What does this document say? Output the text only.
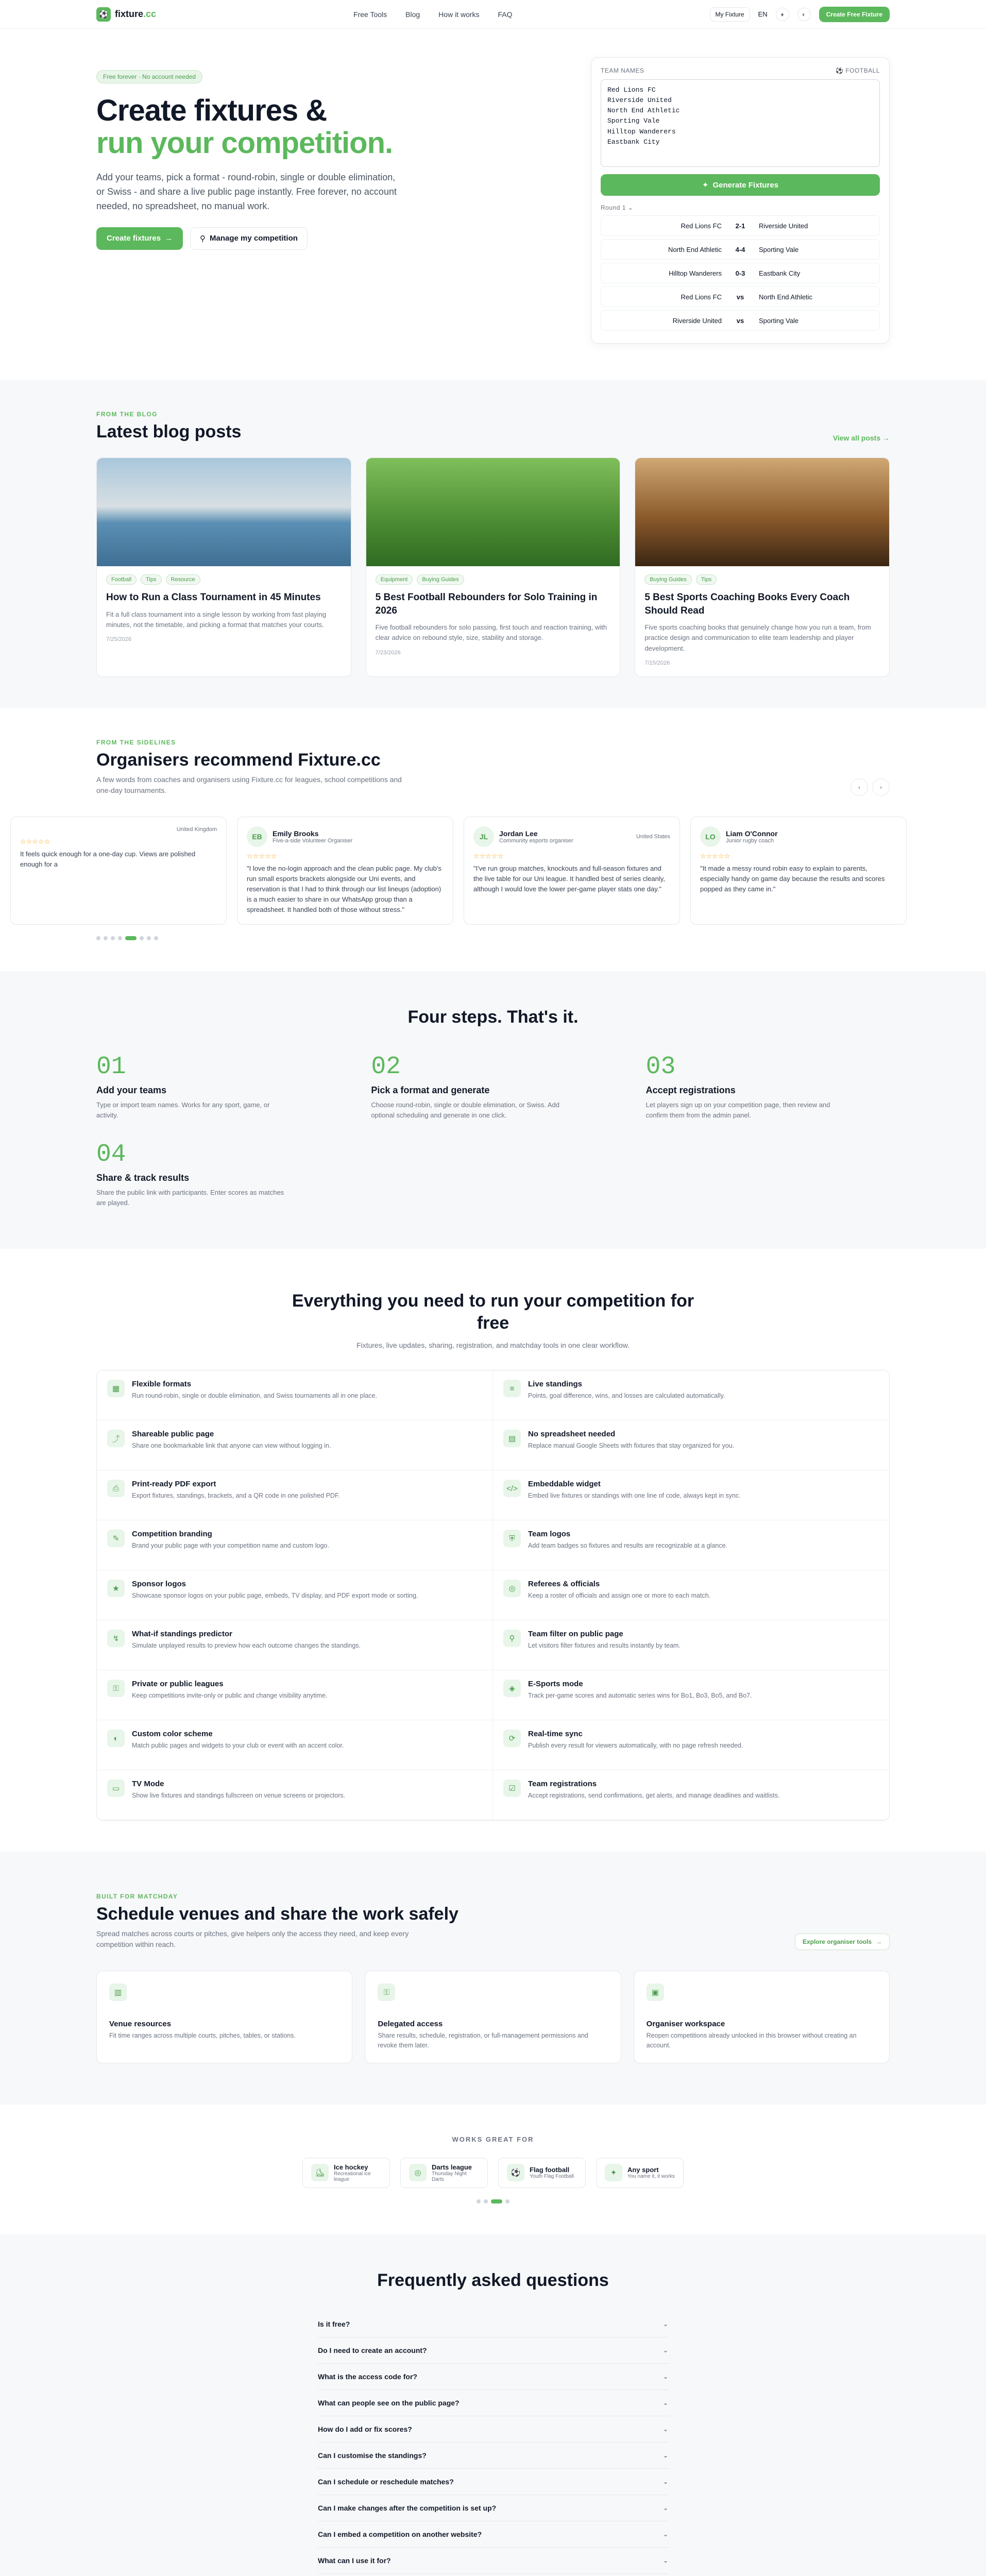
⚽ fixture.cc	Free Tools	Blog	How it works	FAQ	My Fixture	EN	♦	◐	Create Free Fixture
Free forever · No account needed
Create fixtures &
run your competition.

Add your teams, pick a format - round-robin, single or double elimination, or Swiss - and share a live public page instantly. Free forever, no account needed, no spreadsheet, no manual work.

Create fixtures →	⚲ Manage my competition
TEAM NAMES	⚽ FOOTBALL
Red Lions FC
Riverside United
North End Athletic
Sporting Vale
Hilltop Wanderers
Eastbank City
✦ Generate Fixtures
Round 1 ⌄
Red Lions FC	2-1	Riverside United
North End Athletic	4-4	Sporting Vale
Hilltop Wanderers	0-3	Eastbank City
Red Lions FC	vs	North End Athletic
Riverside United	vs	Sporting Vale
FROM THE BLOG
Latest blog posts	View all posts →
Football	Tips	Resource
How to Run a Class Tournament in 45 Minutes
Fit a full class tournament into a single lesson by working from fast playing minutes, not the timetable, and picking a format that matches your courts.
7/25/2026
Equipment	Buying Guides
5 Best Football Rebounders for Solo Training in 2026
Five football rebounders for solo passing, first touch and reaction training, with clear advice on rebound style, size, stability and storage.
7/23/2026
Buying Guides	Tips
5 Best Sports Coaching Books Every Coach Should Read
Five sports coaching books that genuinely change how you run a team, from practice design and communication to elite team leadership and player development.
7/15/2026
FROM THE SIDELINES
Organisers recommend Fixture.cc

A few words from coaches and organisers using Fixture.cc for leagues, school competitions and one-day tournaments.	‹	›
United Kingdom
☆☆☆☆☆
It feels quick enough for a one-day cup. Views are polished enough for a
EB	Emily Brooks
Five-a-side Volunteer Organiser
☆☆☆☆☆
"I love the no-login approach and the clean public page. My club's run small esports brackets alongside our Uni events, and reservation is that I had to think through our list lineups (adoption) is a much easier to share in our WhatsApp group than a spreadsheet. It handled both of those without stress."
JL	Jordan Lee
Community esports organiser
United States
☆☆☆☆☆
"I've run group matches, knockouts and full-season fixtures and the live table for our Uni league. It handled best of series cleanly, although I would love the lower per-game player stats one day."
LO	Liam O'Connor
Junior rugby coach
☆☆☆☆☆
"It made a messy round robin easy to explain to parents, especially handy on game day because the results and scores popped as they came in."
Four steps. That's it.
01
Add your teams
Type or import team names. Works for any sport, game, or activity.
02
Pick a format and generate
Choose round-robin, single or double elimination, or Swiss. Add optional scheduling and generate in one click.
03
Accept registrations
Let players sign up on your competition page, then review and confirm them from the admin panel.
04
Share & track results
Share the public link with participants. Enter scores as matches are played.
Everything you need to run your competition for
free

Fixtures, live updates, sharing, registration, and matchday tools in one clear workflow.

▦
Flexible formats
Run round-robin, single or double elimination, and Swiss tournaments all in one place.
≡	Live standings
Points, goal difference, wins, and losses are calculated automatically.
⤴
Shareable public page
Share one bookmarkable link that anyone can view without logging in.
▤
No spreadsheet needed
Replace manual Google Sheets with fixtures that stay organized for you.
⎙	Print-ready PDF export
Export fixtures, standings, brackets, and a QR code in one polished PDF.
</>	Embeddable widget
Embed live fixtures or standings with one line of code, always kept in sync.
✎
Competition branding
Brand your public page with your competition name and custom logo.
⛨	Team logos
Add team badges so fixtures and results are recognizable at a glance.
★
Sponsor logos
Showcase sponsor logos on your public page, embeds, TV display, and PDF export mode or sorting.
◎
Referees & officials
Keep a roster of officials and assign one or more to each match.
↯
What-if standings predictor
Simulate unplayed results to preview how each outcome changes the standings.
⚲
Team filter on public page
Let visitors filter fixtures and results instantly by team.
⚿	Private or public leagues
Keep competitions invite-only or public and change visibility anytime.
◈
E-Sports mode
Track per-game scores and automatic series wins for Bo1, Bo3, Bo5, and Bo7.
◐	Custom color scheme
Match public pages and widgets to your club or event with an accent color.
⟳
Real-time sync
Publish every result for viewers automatically, with no page refresh needed.
▭
TV Mode
Show live fixtures and standings fullscreen on venue screens or projectors.
☑
Team registrations
Accept registrations, send confirmations, get alerts, and manage deadlines and waitlists.
BUILT FOR MATCHDAY
Schedule venues and share the work safely

Spread matches across courts or pitches, give helpers only the access they need, and keep every competition within reach.	Explore organiser tools →
▥
Venue resources
Fit time ranges across multiple courts, pitches, tables, or stations.
⚿
Delegated access
Share results, schedule, registration, or full-management permissions and revoke them later.
▣
Organiser workspace
Reopen competitions already unlocked in this browser without creating an account.
WORKS GREAT FOR
⛸
Ice hockey
Recreational ice league
◎
Darts league
Thursday Night Darts
⚽	Flag football
Youth Flag Football	✦	Any sport
You name it, it works
Frequently asked questions
Is it free?	⌄
Do I need to create an account?	⌄
What is the access code for?	⌄
What can people see on the public page?	⌄
How do I add or fix scores?	⌄
Can I customise the standings?	⌄
Can I schedule or reschedule matches?	⌄
Can I make changes after the competition is set up?	⌄
Can I embed a competition on another website?	⌄
What can I use it for?	⌄
